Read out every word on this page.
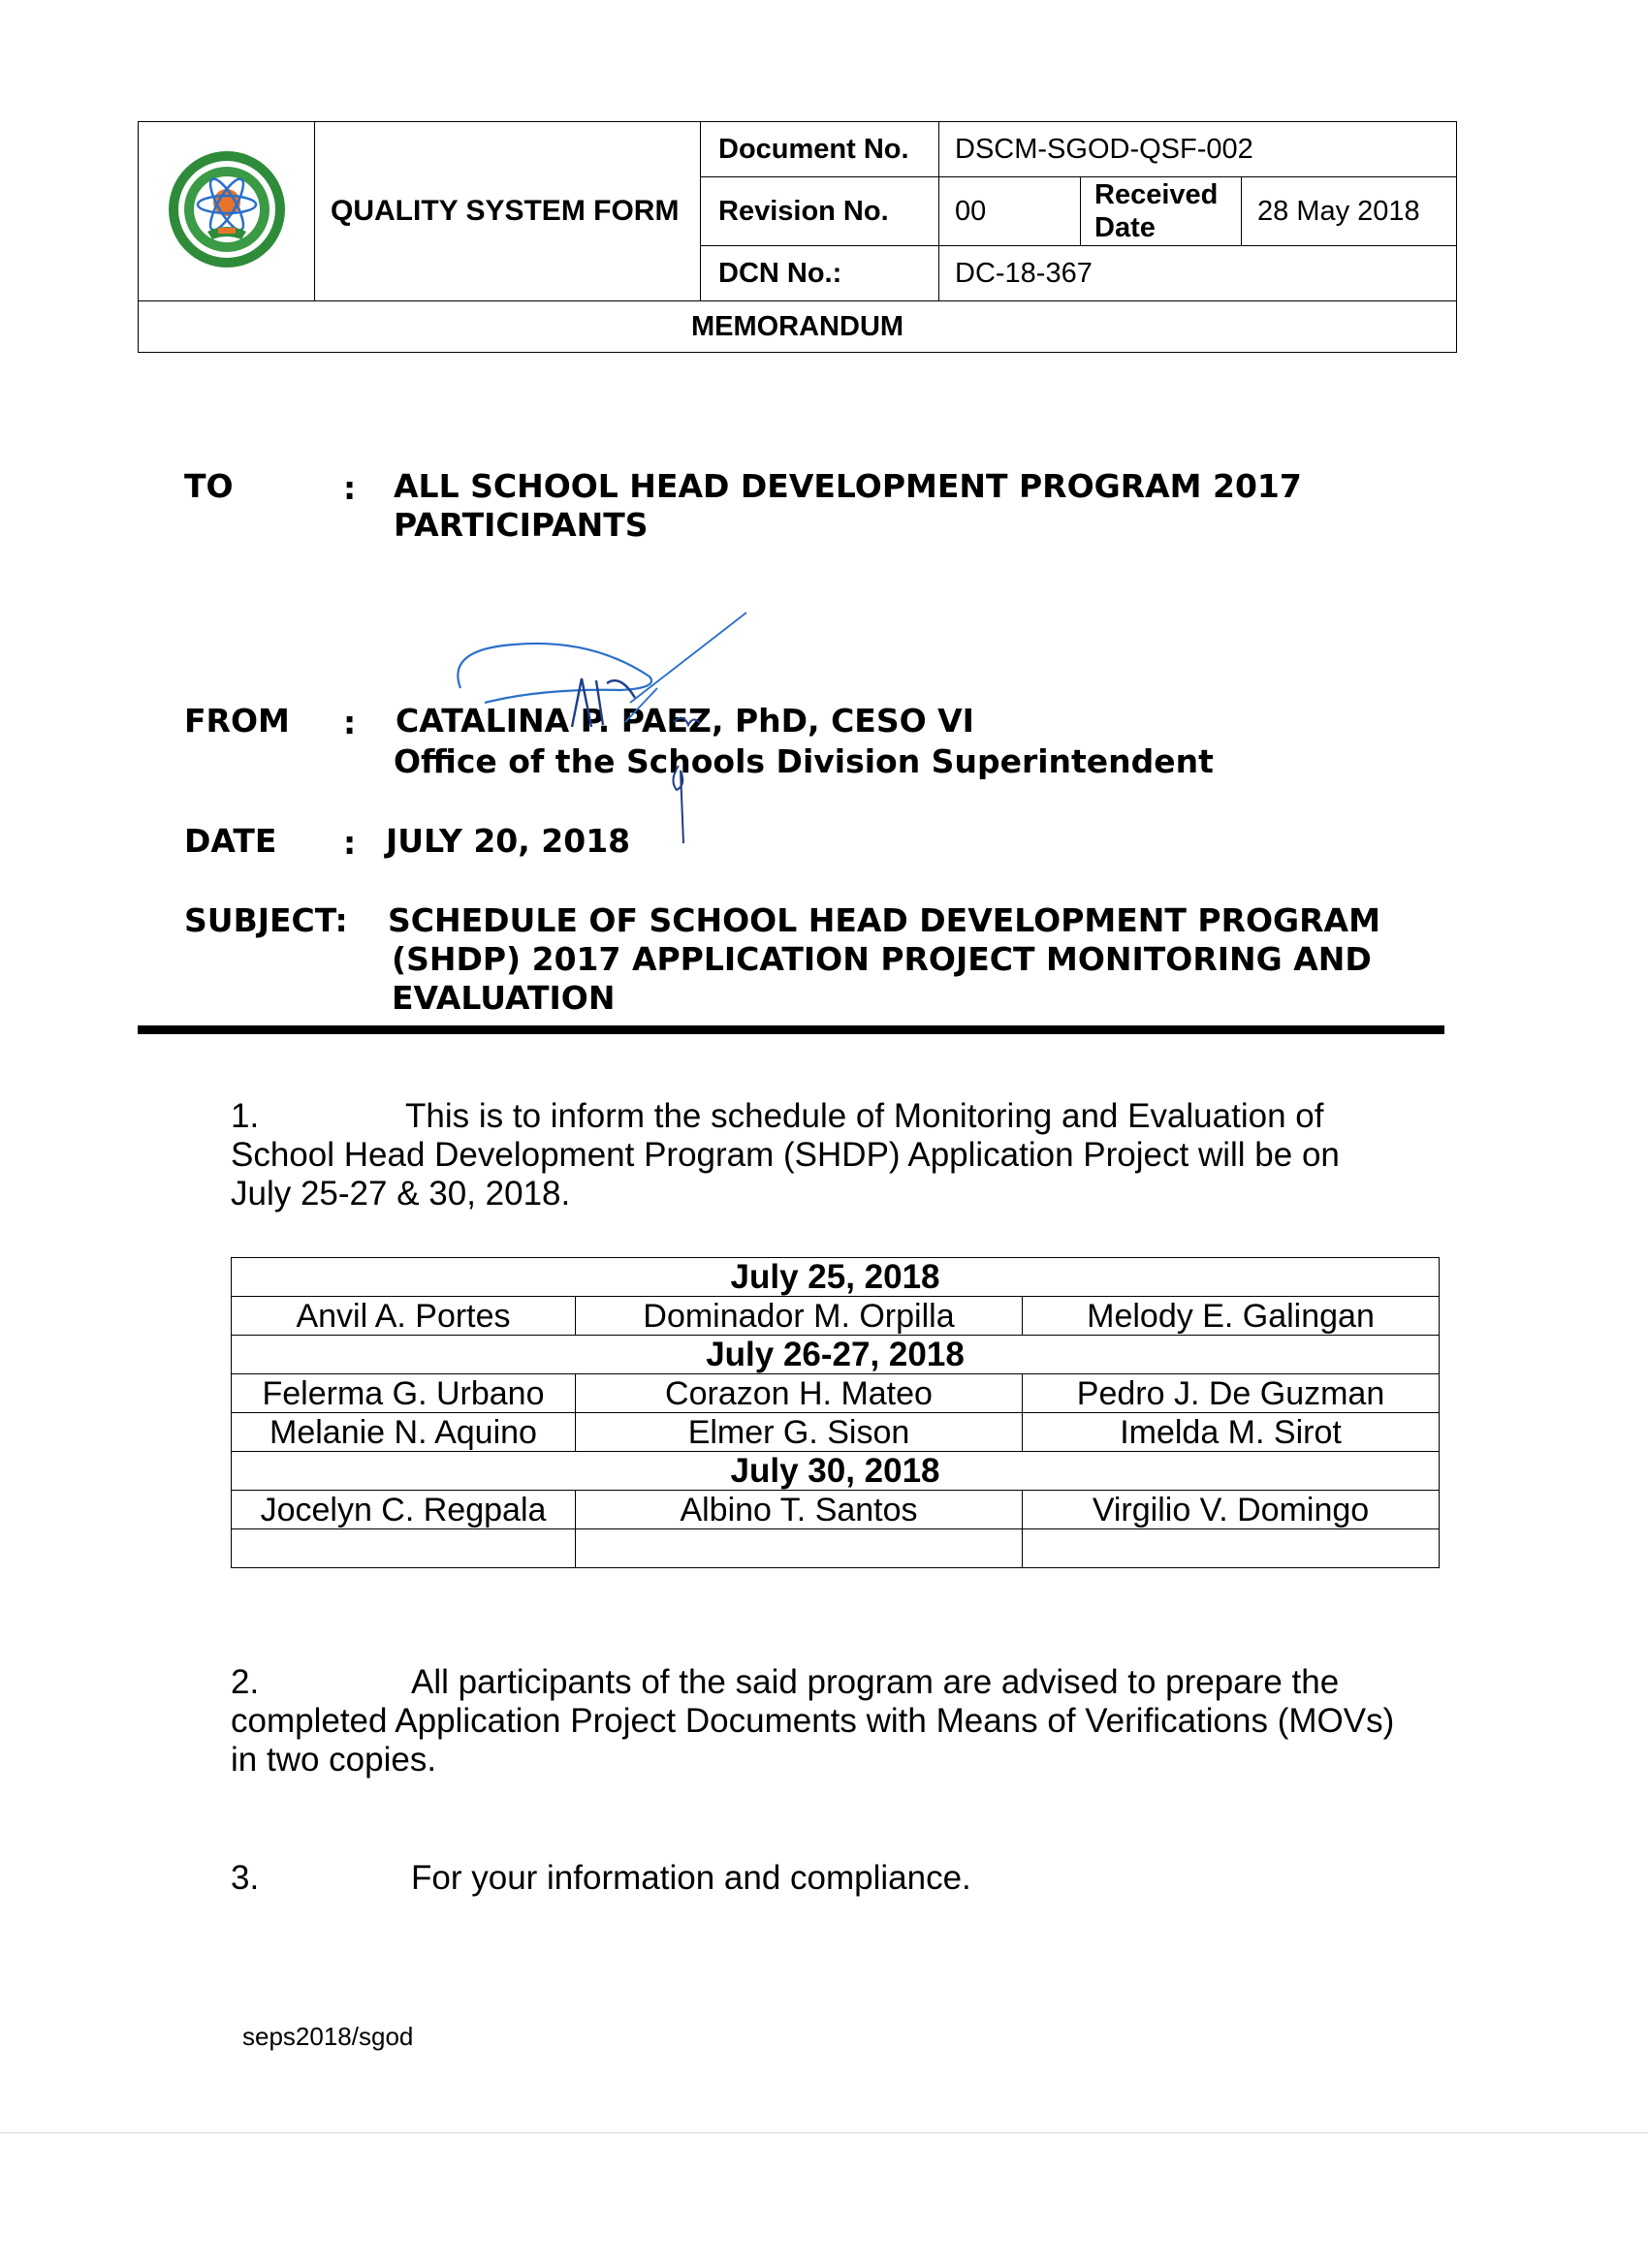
	QUALITY SYSTEM FORM	Document No.	DSCM-SGOD-QSF-002		
		Revision No.	00	Received
Date	28 May 2018
		DCN No.:	DC-18-367		
MEMORANDUM					
TO	: ALL SCHOOL HEAD DEVELOPMENT PROGRAM 2017
PARTICIPANTS
FROM : CATALINA P. PAEZ, PhD, CESO VI
Office of the Schools Division Superintendent
DATE : JULY 20, 2018
SUBJECT: SCHEDULE OF SCHOOL HEAD DEVELOPMENT PROGRAM
(SHDP) 2017 APPLICATION PROJECT MONITORING AND
EVALUATION
1.	This is to inform the schedule of Monitoring and Evaluation of School Head Development Program (SHDP) Application Project will be on July 25-27 & 30, 2018.
July 25, 2018		
Anvil A. Portes	Dominador M. Orpilla	Melody E. Galingan
July 26-27, 2018		
Felerma G. Urbano	Corazon H. Mateo	Pedro J. De Guzman
Melanie N. Aquino	Elmer G. Sison	Imelda M. Sirot
July 30, 2018		
Jocelyn C. Regpala	Albino T. Santos	Virgilio V. Domingo

2.	All participants of the said program are advised to prepare the completed Application Project Documents with Means of Verifications (MOVs) in two copies.
3.	For your information and compliance.
seps2018/sgod
